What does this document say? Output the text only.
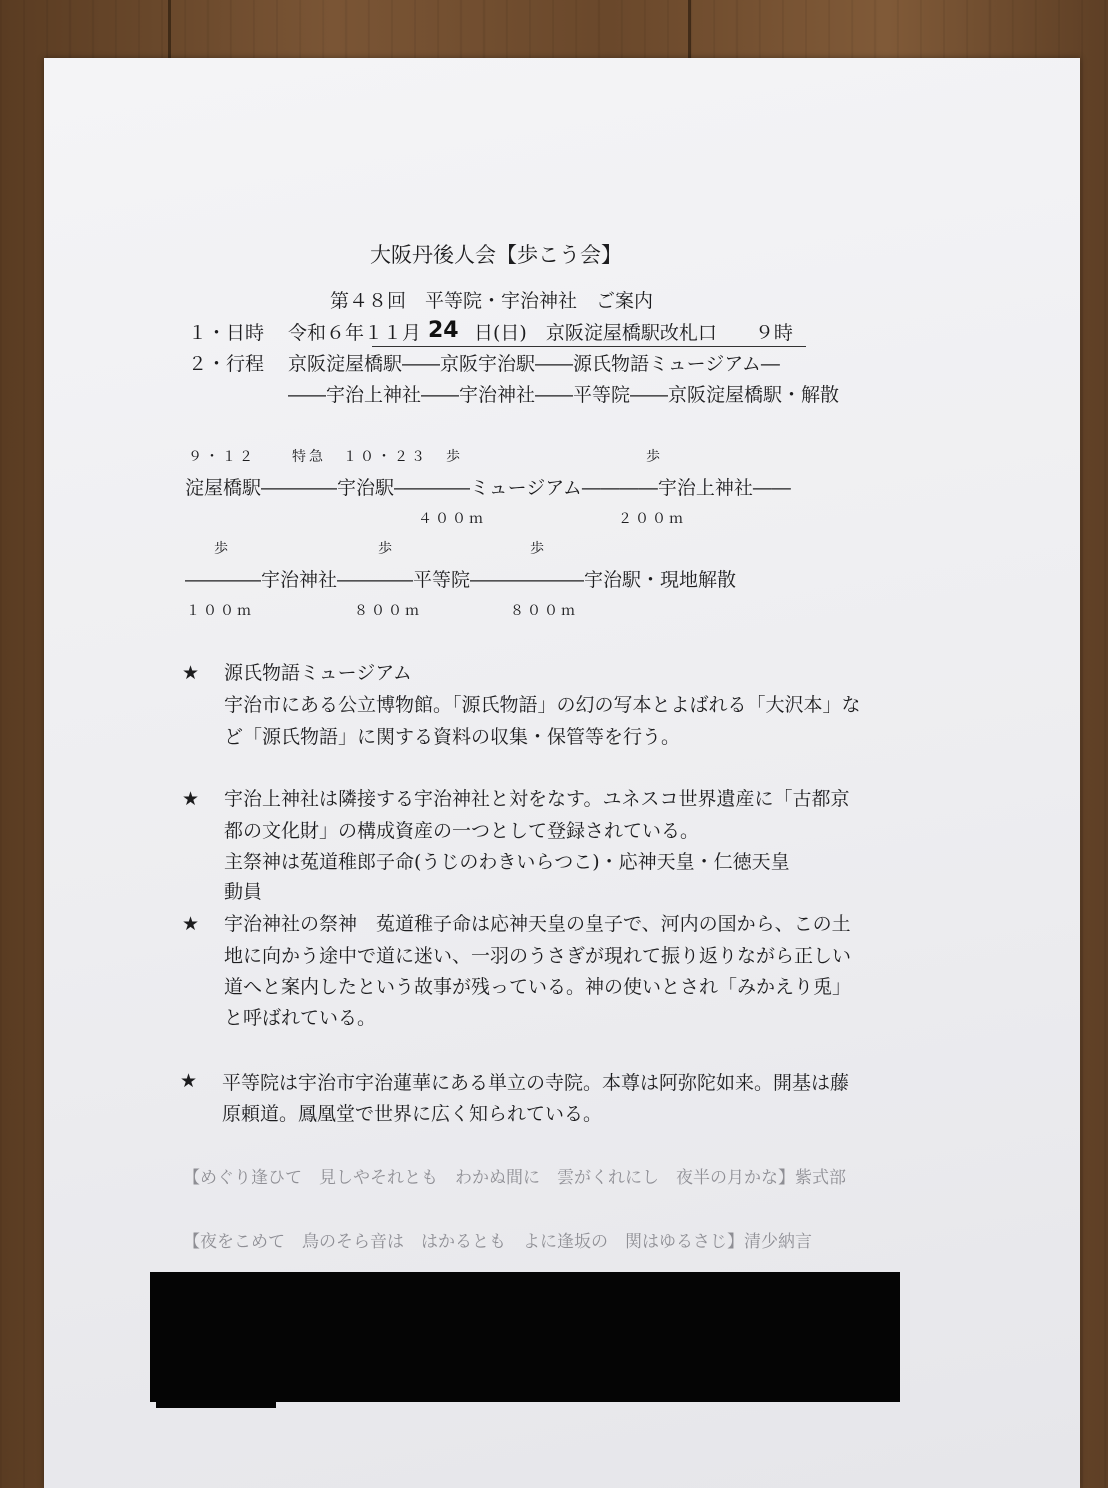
大阪丹後人会【歩こう会】
第４８回　平等院・宇治神社　ご案内
１・日時 令和６年１１月 24 日(日)　京阪淀屋橋駅改札口　　９時
２・行程 京阪淀屋橋駅――京阪宇治駅――源氏物語ミュージアム―
――宇治上神社――宇治神社――平等院――京阪淀屋橋駅・解散
９・１２	特急　１０・２３ 歩	歩
淀屋橋駅――――宇治駅――――ミュージアム――――宇治上神社――
４００ｍ	２００ｍ
歩	歩	歩
――――宇治神社――――平等院――――――宇治駅・現地解散
１００ｍ	８００ｍ	８００ｍ
★ 源氏物語ミュージアム
宇治市にある公立博物館。「源氏物語」の幻の写本とよばれる「大沢本」な
ど「源氏物語」に関する資料の収集・保管等を行う。
★ 宇治上神社は隣接する宇治神社と対をなす。ユネスコ世界遺産に「古都京
都の文化財」の構成資産の一つとして登録されている。
主祭神は菟道稚郎子命(うじのわきいらつこ)・応神天皇・仁徳天皇
動員
★ 宇治神社の祭神　菟道稚子命は応神天皇の皇子で、河内の国から、この土
地に向かう途中で道に迷い、一羽のうさぎが現れて振り返りながら正しい
道へと案内したという故事が残っている。神の使いとされ「みかえり兎」
と呼ばれている。
★ 平等院は宇治市宇治蓮華にある単立の寺院。本尊は阿弥陀如来。開基は藤
原頼道。鳳凰堂で世界に広く知られている。
【めぐり逢ひて　見しやそれとも　わかぬ間に　雲がくれにし　夜半の月かな】紫式部
【夜をこめて　鳥のそら音は　はかるとも　よに逢坂の　関はゆるさじ】清少納言
